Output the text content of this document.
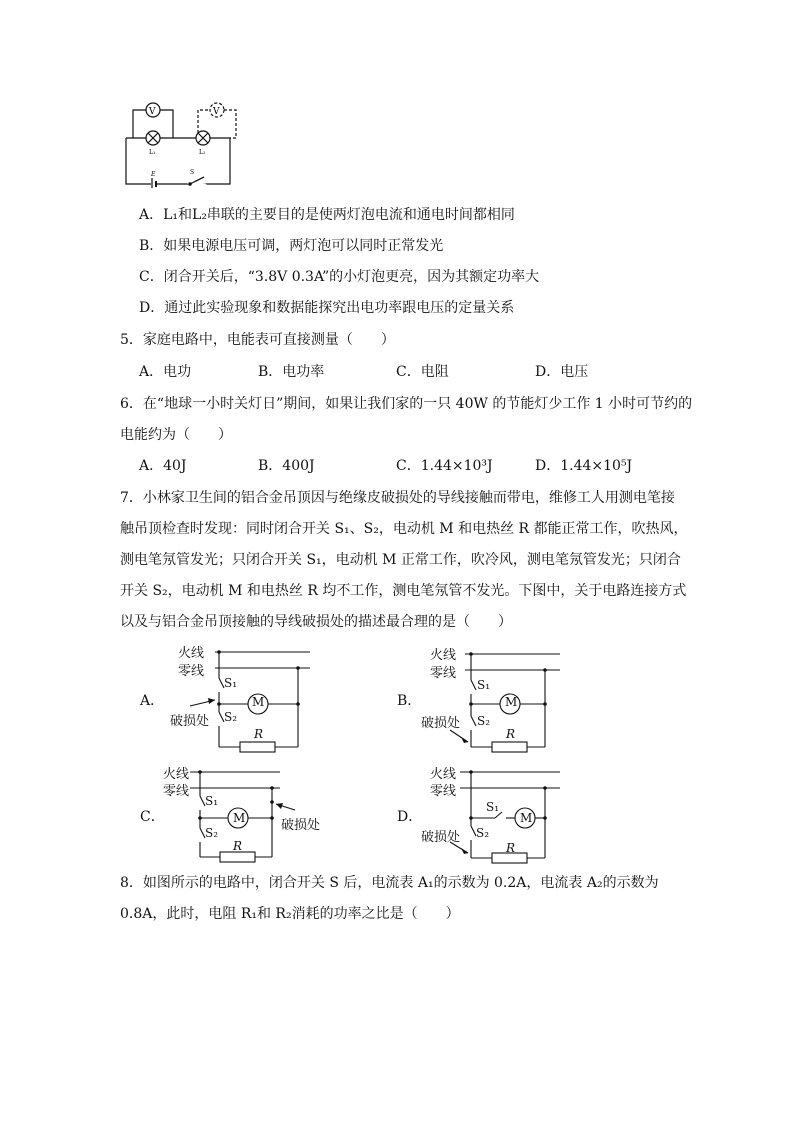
V	V
L₁	L₂
E	S
A．L₁和L₂串联的主要目的是使两灯泡电流和通电时间都相同
B．如果电源电压可调，两灯泡可以同时正常发光
C．闭合开关后，“3.8V 0.3A”的小灯泡更亮，因为其额定功率大
D．通过此实验现象和数据能探究出电功率跟电压的定量关系
5．家庭电路中，电能表可直接测量（　　）
A．电功	B．电功率	C．电阻	D．电压
6．在“地球一小时关灯日”期间，如果让我们家的一只 40W 的节能灯少工作 1 小时可节约的
电能约为（　　）
A．40J	B．400J	C．1.44×10³J	D．1.44×10⁵J
7．小林家卫生间的铝合金吊顶因与绝缘皮破损处的导线接触而带电，维修工人用测电笔接
触吊顶检查时发现：同时闭合开关 S₁、S₂，电动机 M 和电热丝 R 都能正常工作，吹热风，
测电笔氖管发光；只闭合开关 S₁，电动机 M 正常工作，吹冷风，测电笔氖管发光；只闭合
开关 S₂，电动机 M 和电热丝 R 均不工作，测电笔氖管不发光。下图中，关于电路连接方式
以及与铝合金吊顶接触的导线破损处的描述最合理的是（　　）
A．
火线
零线
S₁
S₂
M
R
破损处
B．
火线
零线
S₁
S₂
M
R
破损处
C．
火线
零线
S₁
S₂
M
R
破损处
D．
火线
零线
S₁
S₂
M
R
破损处
8．如图所示的电路中，闭合开关 S 后，电流表 A₁的示数为 0.2A，电流表 A₂的示数为
0.8A，此时，电阻 R₁和 R₂消耗的功率之比是（　　）
